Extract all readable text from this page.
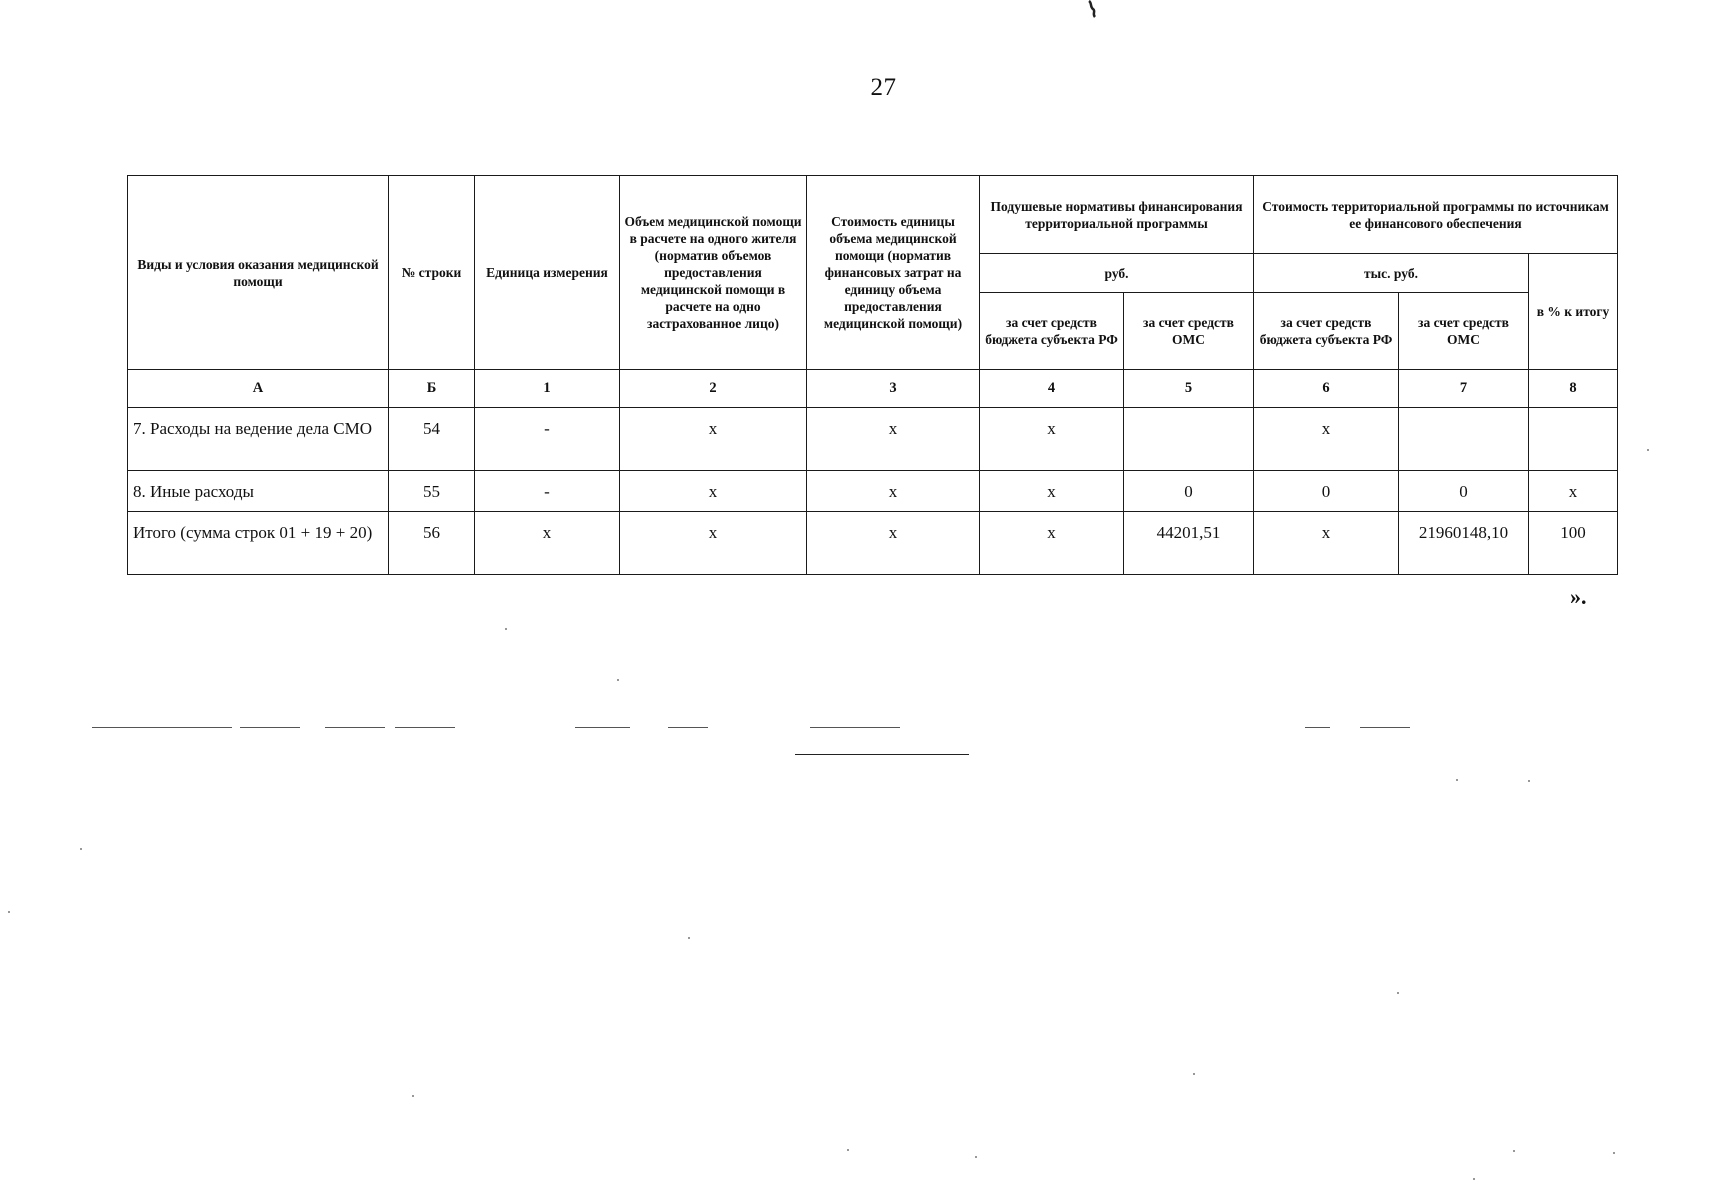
27
Виды и условия оказания медицинской помощи	№ строки	Единица измерения	Объем медицинской помощи в расчете на одного жителя (норматив объемов предоставления медицинской помощи в расчете на одно застрахованное лицо)	Стоимость единицы объема медицинской помощи (норматив финансовых затрат на единицу объема предоставления медицинской помощи)	Подушевые нормативы финансирования территориальной программы		Стоимость территориальной программы по источникам ее финансового обеспечения		
					руб.		тыс. руб.		в % к итогу
					за счет средств бюджета субъекта РФ	за счет средств ОМС	за счет средств бюджета субъекта РФ	за счет средств ОМС	
А	Б	1	2	3	4	5	6	7	8
7. Расходы на ведение дела СМО	54	-	x	x	x		x		
8. Иные расходы	55	-	x	x	x	0	0	0	x
Итого (сумма строк 01 + 19 + 20)	56	x	x	x	x	44201,51	x	21960148,10	100
».
